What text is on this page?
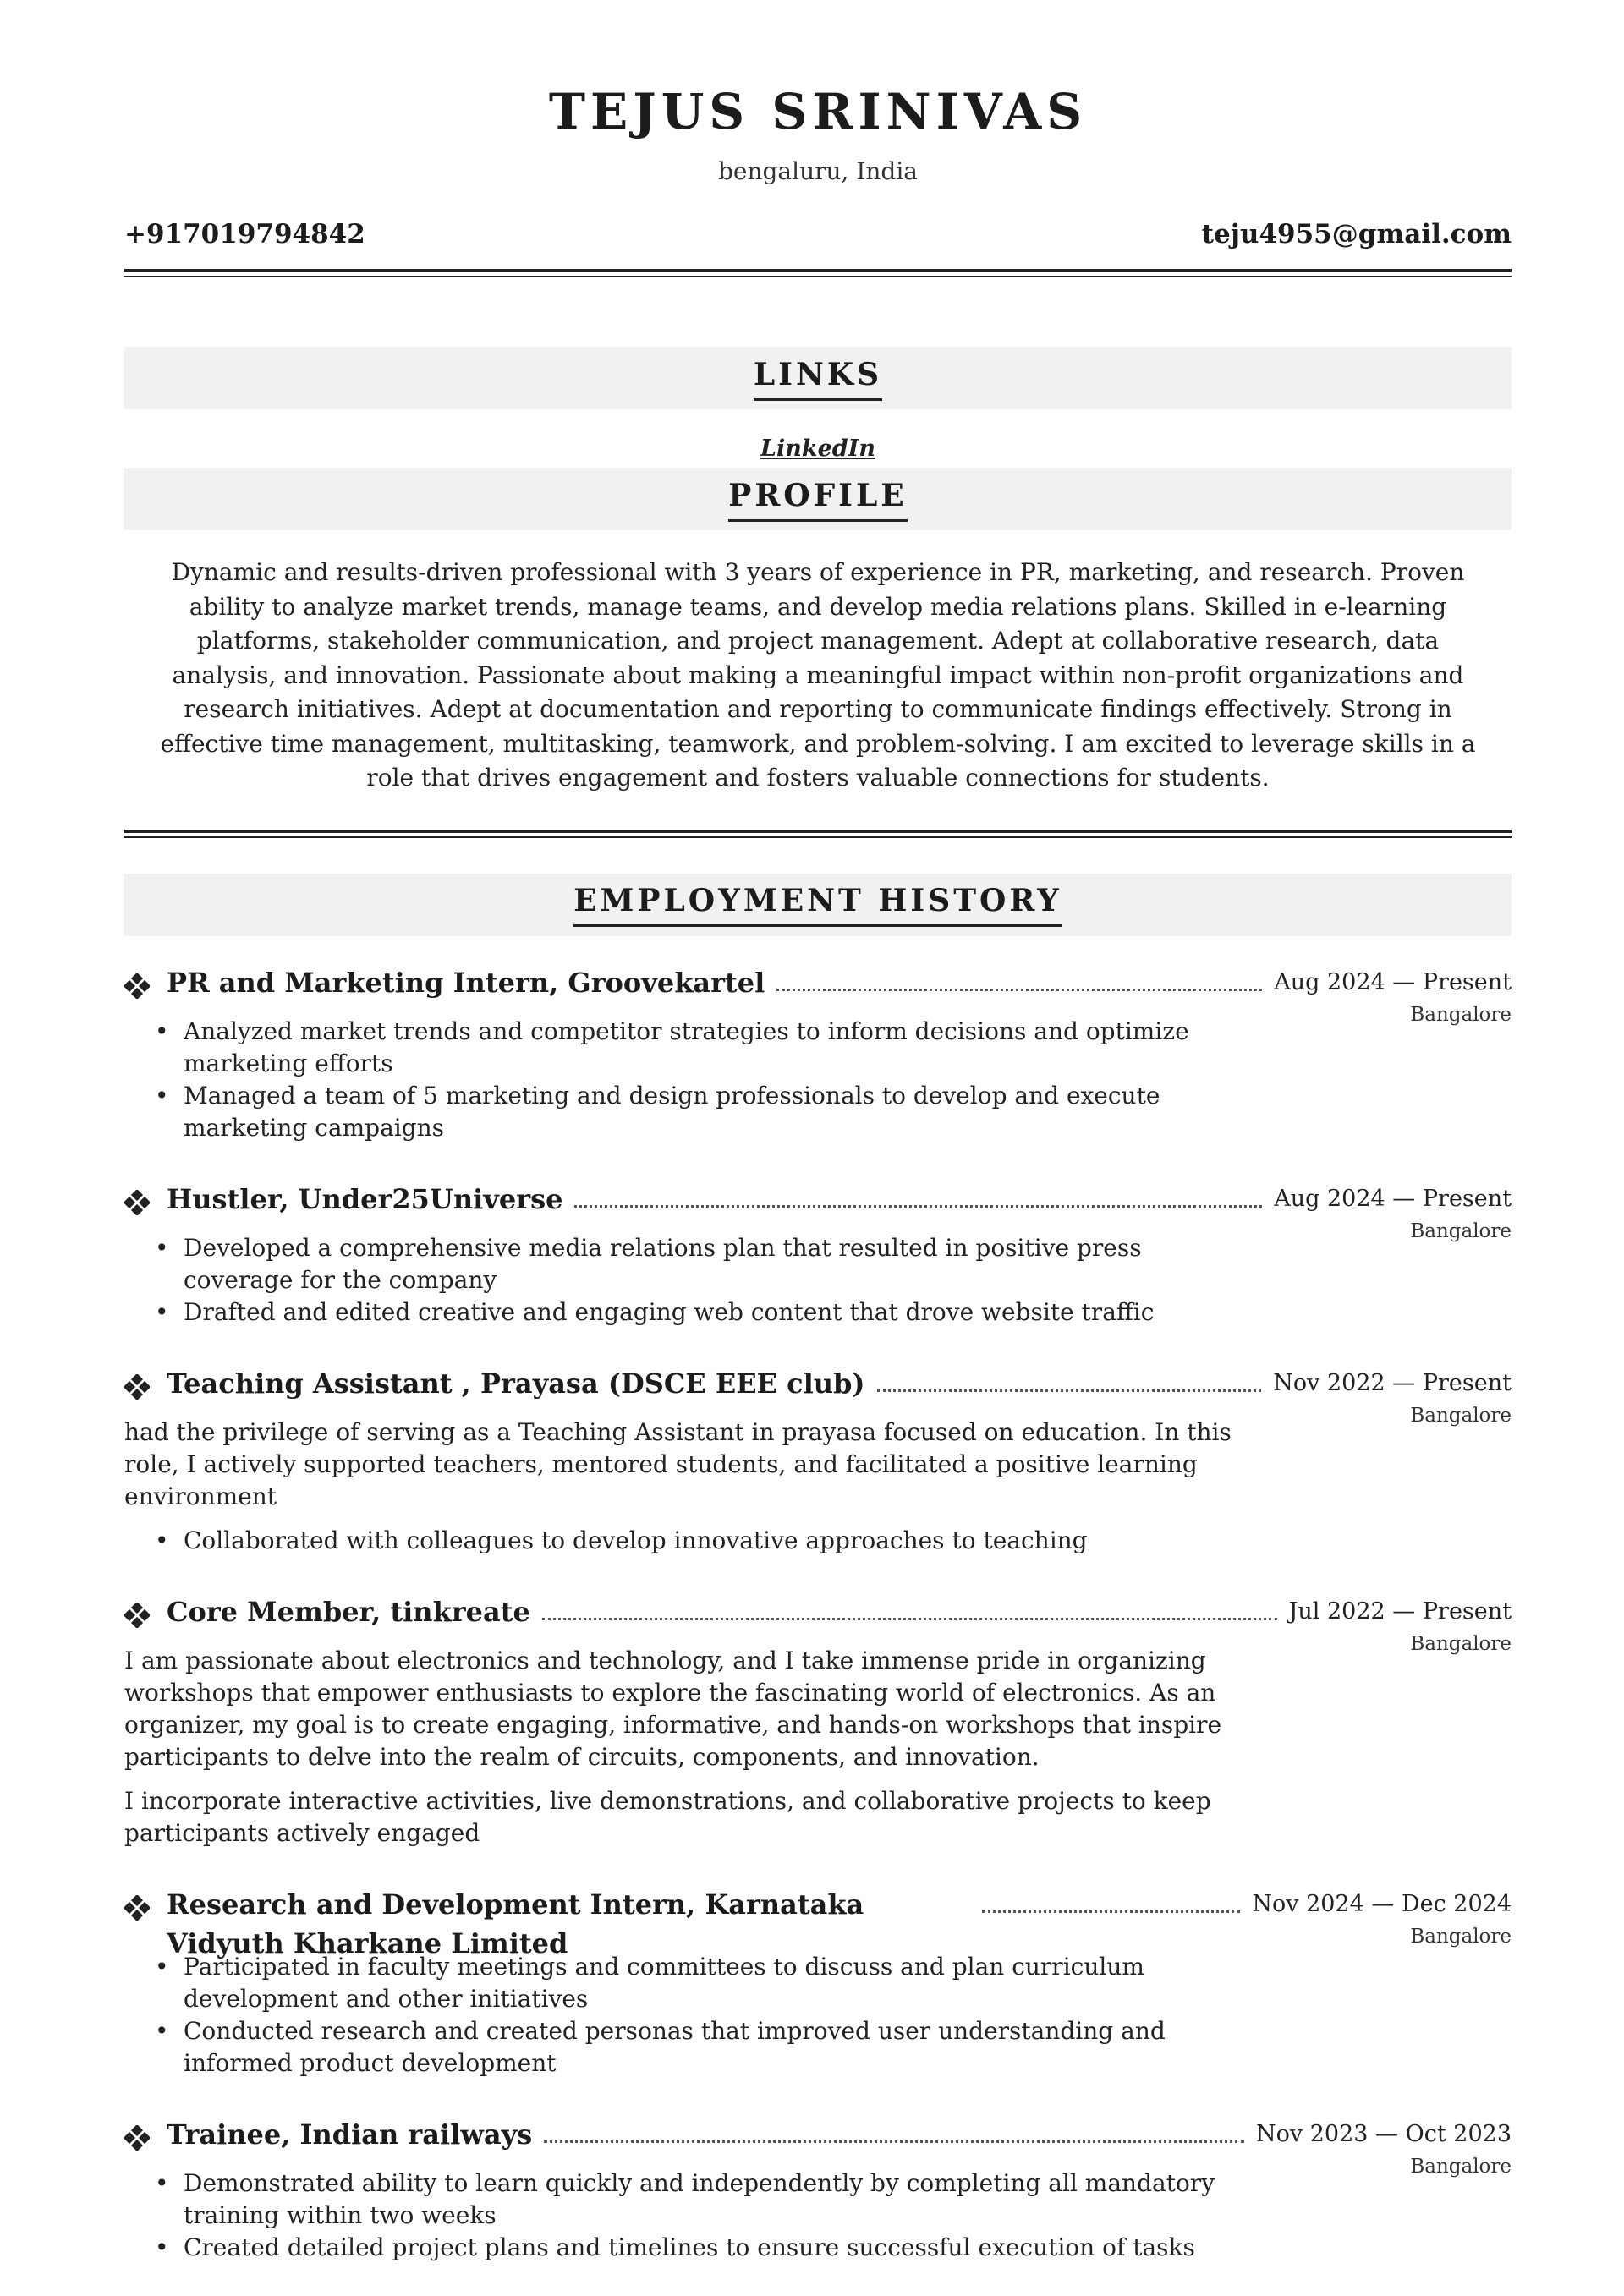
TEJUS SRINIVAS
bengaluru, India
+917019794842	teju4955@gmail.com
LINKS
LinkedIn
PROFILE
Dynamic and results-driven professional with 3 years of experience in PR, marketing, and research. Proven ability to analyze market trends, manage teams, and develop media relations plans. Skilled in e-learning platforms, stakeholder communication, and project management. Adept at collaborative research, data analysis, and innovation. Passionate about making a meaningful impact within non-profit organizations and research initiatives. Adept at documentation and reporting to communicate findings effectively. Strong in effective time management, multitasking, teamwork, and problem-solving. I am excited to leverage skills in a role that drives engagement and fosters valuable connections for students.
EMPLOYMENT HISTORY
PR and Marketing Intern, Groovekartel	Aug 2024 — Present
Bangalore
• Analyzed market trends and competitor strategies to inform decisions and optimize marketing efforts
• Managed a team of 5 marketing and design professionals to develop and execute marketing campaigns
Hustler, Under25Universe	Aug 2024 — Present
Bangalore
• Developed a comprehensive media relations plan that resulted in positive press coverage for the company
• Drafted and edited creative and engaging web content that drove website traffic
Teaching Assistant , Prayasa (DSCE EEE club)	Nov 2022 — Present
Bangalore
had the privilege of serving as a Teaching Assistant in prayasa focused on education. In this role, I actively supported teachers, mentored students, and facilitated a positive learning environment
• Collaborated with colleagues to develop innovative approaches to teaching
Core Member, tinkreate	Jul 2022 — Present
Bangalore
I am passionate about electronics and technology, and I take immense pride in organizing workshops that empower enthusiasts to explore the fascinating world of electronics. As an organizer, my goal is to create engaging, informative, and hands-on workshops that inspire participants to delve into the realm of circuits, components, and innovation.
I incorporate interactive activities, live demonstrations, and collaborative projects to keep participants actively engaged
Research and Development Intern, Karnataka Vidyuth Kharkane Limited
Nov 2024 — Dec 2024
Bangalore
• Participated in faculty meetings and committees to discuss and plan curriculum development and other initiatives
• Conducted research and created personas that improved user understanding and informed product development
Trainee, Indian railways	Nov 2023 — Oct 2023
Bangalore
• Demonstrated ability to learn quickly and independently by completing all mandatory training within two weeks
• Created detailed project plans and timelines to ensure successful execution of tasks
